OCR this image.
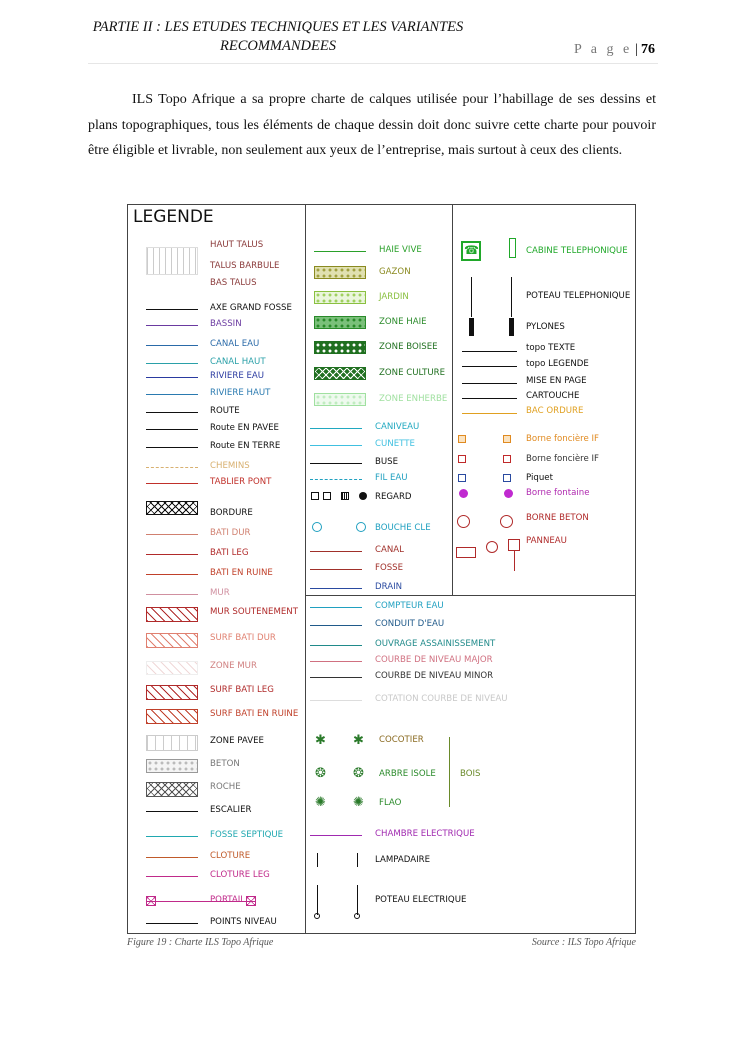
PARTIE II : LES ETUDES TECHNIQUES ET LES VARIANTES
RECOMMANDEES	P a g e | 76
ILS Topo Afrique a sa propre charte de calques utilisée pour l’habillage de ses dessins et plans topographiques, tous les éléments de chaque dessin doit donc suivre cette charte pour pouvoir être éligible et livrable, non seulement aux yeux de l’entreprise, mais surtout à ceux des clients.
LEGENDE
HAUT TALUS
TALUS BARBULE
BAS TALUS
AXE GRAND FOSSE
BASSIN
CANAL EAU
CANAL HAUT
RIVIERE EAU
RIVIERE HAUT
ROUTE
Route EN PAVEE
Route EN TERRE
CHEMINS
TABLIER PONT
BORDURE
BATI DUR
BATI LEG
BATI EN RUINE
MUR
MUR SOUTENEMENT
SURF BATI DUR
ZONE MUR
SURF BATI LEG
SURF BATI EN RUINE
ZONE PAVEE
BETON
ROCHE
ESCALIER
FOSSE SEPTIQUE
CLOTURE
CLOTURE LEG
PORTAIL
POINTS NIVEAU
HAIE VIVE
GAZON
JARDIN
ZONE HAIE
ZONE BOISEE
ZONE CULTURE
ZONE ENHERBE
CANIVEAU
CUNETTE
BUSE
FIL EAU
REGARD
BOUCHE CLE
CANAL
FOSSE
DRAIN
COMPTEUR EAU
CONDUIT D'EAU
OUVRAGE ASSAINISSEMENT
COURBE DE NIVEAU MAJOR
COURBE DE NIVEAU MINOR
COTATION COURBE DE NIVEAU
COCOTIER
✱ ✱
ARBRE ISOLE
❂ ❂	BOIS
FLAO
✺ ✺
CHAMBRE ELECTRIQUE
LAMPADAIRE
POTEAU ELECTRIQUE
CABINE TELEPHONIQUE
☎
POTEAU TELEPHONIQUE
PYLONES
topo TEXTE
topo LEGENDE
MISE EN PAGE
CARTOUCHE
BAC ORDURE
Borne foncière IF
Borne foncière IF
Piquet
Borne fontaine
BORNE BETON
PANNEAU
Figure 19 : Charte ILS Topo Afrique	Source : ILS Topo Afrique
